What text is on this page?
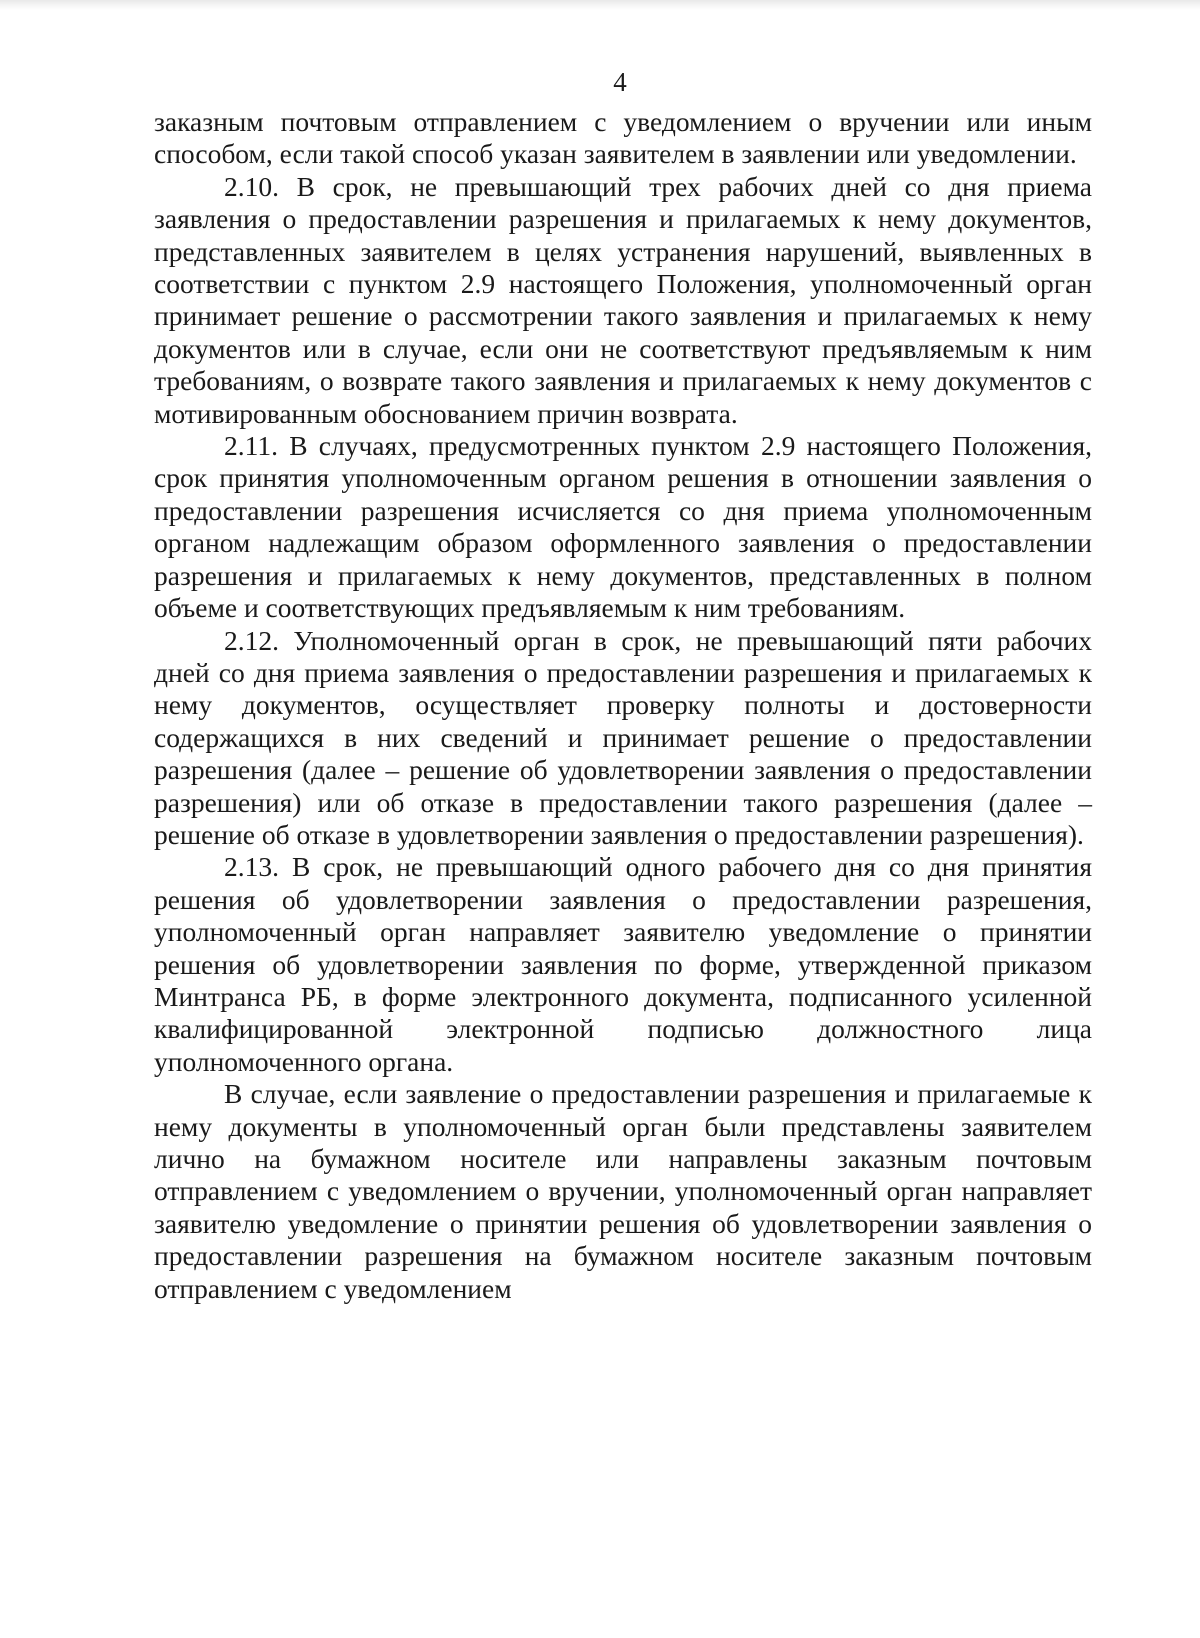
4

заказным почтовым отправлением с уведомлением о вручении или иным способом, если такой способ указан заявителем в заявлении или уведомлении.

2.10. В срок, не превышающий трех рабочих дней со дня приема заявления о предоставлении разрешения и прилагаемых к нему документов, представленных заявителем в целях устранения нарушений, выявленных в соответствии с пунктом 2.9 настоящего Положения, уполномоченный орган принимает решение о рассмотрении такого заявления и прилагаемых к нему документов или в случае, если они не соответствуют предъявляемым к ним требованиям, о возврате такого заявления и прилагаемых к нему документов с мотивированным обоснованием причин возврата.

2.11. В случаях, предусмотренных пунктом 2.9 настоящего Положения, срок принятия уполномоченным органом решения в отношении заявления о предоставлении разрешения исчисляется со дня приема уполномоченным органом надлежащим образом оформленного заявления о предоставлении разрешения и прилагаемых к нему документов, представленных в полном объеме и соответствующих предъявляемым к ним требованиям.

2.12. Уполномоченный орган в срок, не превышающий пяти рабочих дней со дня приема заявления о предоставлении разрешения и прилагаемых к нему документов, осуществляет проверку полноты и достоверности содержащихся в них сведений и принимает решение о предоставлении разрешения (далее – решение об удовлетворении заявления о предоставлении разрешения) или об отказе в предоставлении такого разрешения (далее – решение об отказе в удовлетворении заявления о предоставлении разрешения).

2.13. В срок, не превышающий одного рабочего дня со дня принятия решения об удовлетворении заявления о предоставлении разрешения, уполномоченный орган направляет заявителю уведомление о принятии решения об удовлетворении заявления по форме, утвержденной приказом Минтранса РБ, в форме электронного документа, подписанного усиленной квалифицированной электронной подписью должностного лица уполномоченного органа.

В случае, если заявление о предоставлении разрешения и прилагаемые к нему документы в уполномоченный орган были представлены заявителем лично на бумажном носителе или направлены заказным почтовым отправлением с уведомлением о вручении, уполномоченный орган направляет заявителю уведомление о принятии решения об удовлетворении заявления о предоставлении разрешения на бумажном носителе заказным почтовым отправлением с уведомлением
